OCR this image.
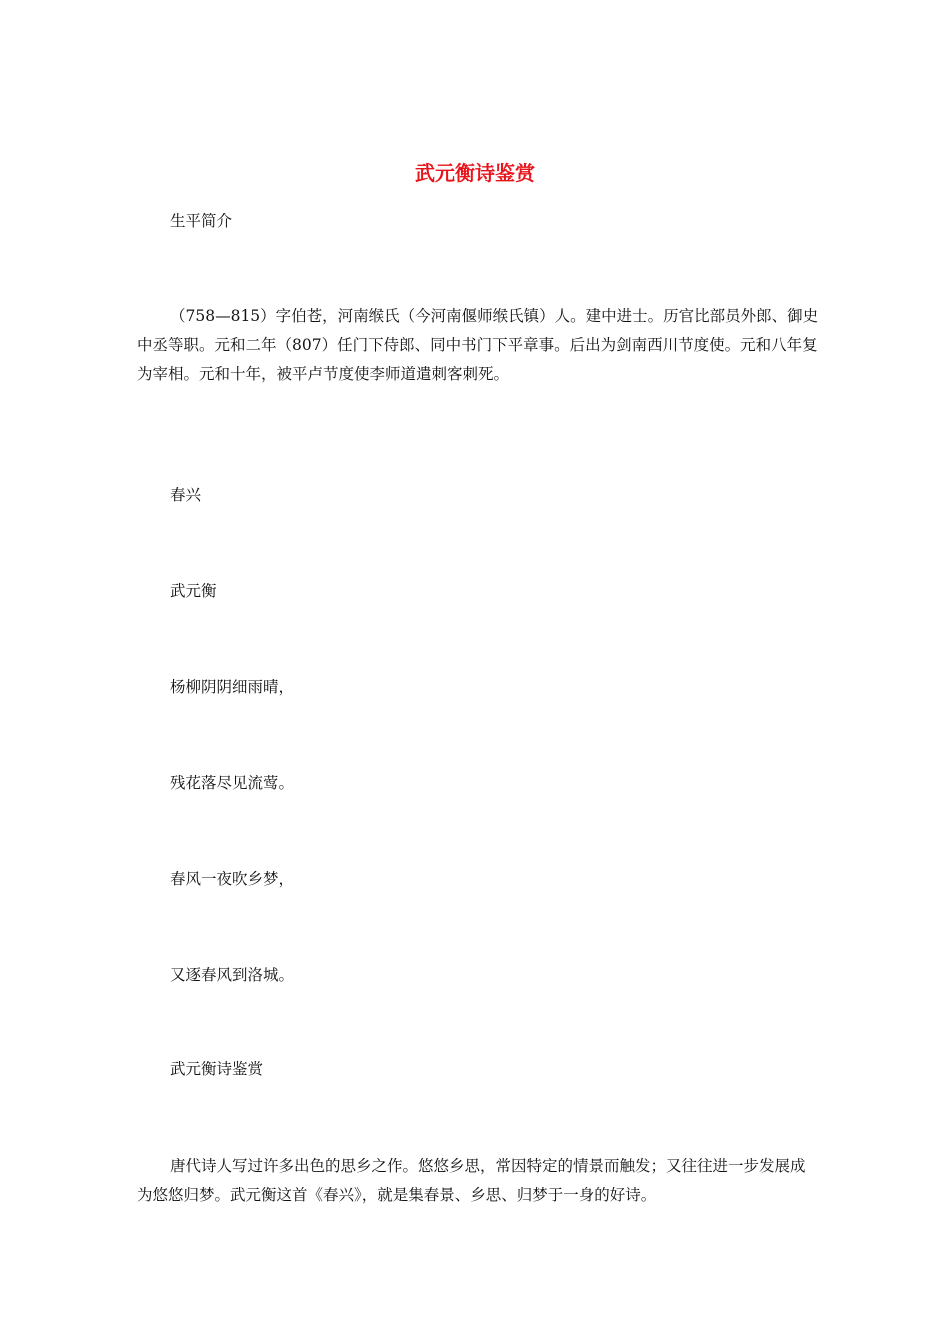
武元衡诗鉴赏
生平简介
（758—815）字伯苍，河南缑氏（今河南偃师缑氏镇）人。建中进士。历官比部员外郎、御史中丞等职。元和二年（807）任门下侍郎、同中书门下平章事。后出为剑南西川节度使。元和八年复为宰相。元和十年，被平卢节度使李师道遣刺客刺死。
春兴
武元衡
杨柳阴阴细雨晴，
残花落尽见流莺。
春风一夜吹乡梦，
又逐春风到洛城。
武元衡诗鉴赏
唐代诗人写过许多出色的思乡之作。悠悠乡思，常因特定的情景而触发；又往往进一步发展成为悠悠归梦。武元衡这首《春兴》，就是集春景、乡思、归梦于一身的好诗。
